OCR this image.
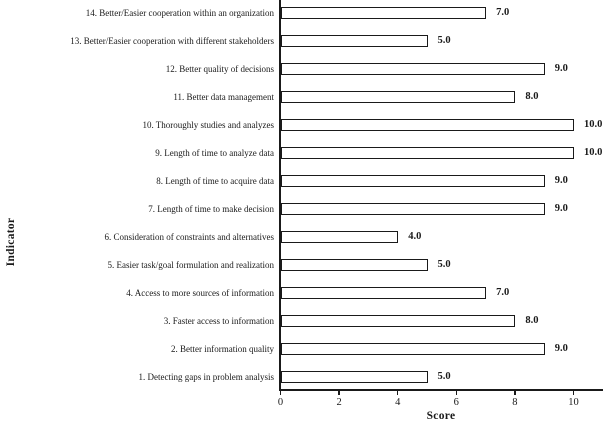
Indicator
14. Better/Easier cooperation within an organization	7.0
13. Better/Easier cooperation with different stakeholders	5.0
12. Better quality of decisions	9.0
11. Better data management	8.0
10. Thoroughly studies and analyzes	10.0
9. Length of time to analyze data	10.0
8. Length of time to acquire data	9.0
7. Length of time to make decision	9.0
6. Consideration of constraints and alternatives	4.0
5. Easier task/goal formulation and realization	5.0
4. Access to more sources of information	7.0
3. Faster access to information	8.0
2. Better information quality	9.0
1. Detecting gaps in problem analysis	5.0
0	2	4	6	8	10
Score
